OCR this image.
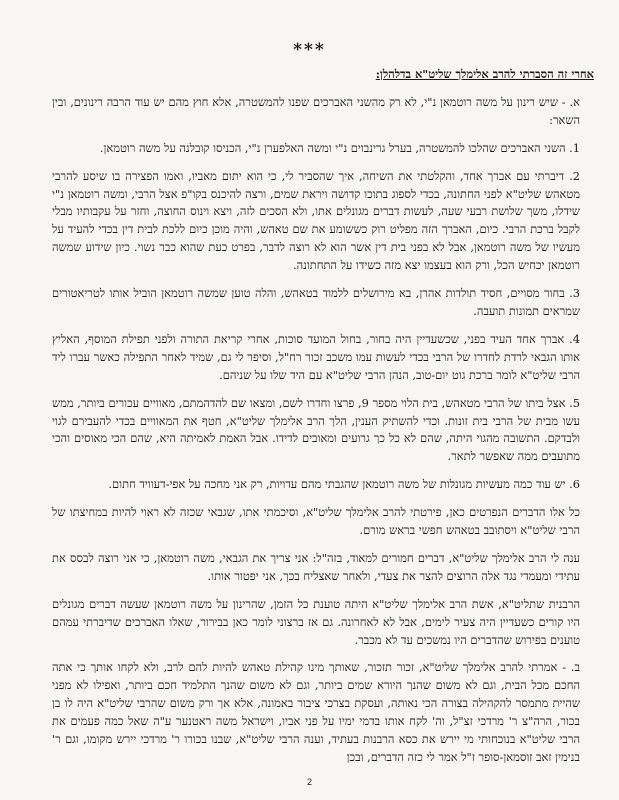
***
אחרי זה הסברתי להרב אלימלך שליט"א בדלהלן:

א. - שיש רינון על משה רוטמאן נ"י, לא רק מהשני האברכים שפנו להמשטרה, אלא חוץ מהם יש עוד הרבה רינונים, ובין השאר:

1. השני האברכים שהלכו להמשטרה, בערל גרינבוים נ"י ומשה האלפערן נ"י, הכניסו קובלנה על משה רוטמאן.

2. דיברתי עם אברך אחד, והקלטתי את השיחה, איך שהסביר לי, כי הוא יתום מאביו, ואמו הפצירה בו שיסע להרבי מטאהש שליט"א לפני החתונה, בכדי לספוג בתוכו קדושה ויראת שמים, ורצה להיכנס בקו"פ אצל הרבי, ומשה רוטמאן נ"י שידלו, משך שלושת רבעי שעה, לעשות דברים מגונלים אתו, ולא הסכים לזה, ויצא וינוס החוצה, וחזר על עקבותיו מבלי לקבל ברכת הרבי. כיום, האברך הזה מפליט רוק כששומע את שם טאהש, והיה מוכן כיום ללכת לבית דין בכדי להעיד על מעשיו של משה רוטמאן, אבל לא בפני בית דין אשר הוא לא רוצה לדבר, בפרט כעת שהוא כבר נשוי. כיון שידוע שמשה רוטמאן יכחיש הכל, ורק הוא בעצמו יצא מזה כשידו על התחתונה.

3. בחור מסויים, חסיד תולדות אהרן, בא מירושלים ללמוד בטאהש, והלה טוען שמשה רוטמאן הוביל אותו לטריאטורים שמראים תמונות תועבה.

4. אברך אחד העיד בפני, שכשעדיין היה בחור, בחול המועד סוכות, אחרי קריאת התורה ולפני תפילת המוסף, האליץ אותו הגבאי לרדת לחדרו של הרבי בכדי לעשות עמו משכב זכור רח"ל, וסיפר לי גם, שמיד לאחר התפילה כאשר עברו ליד הרבי שליט"א לומר ברכת גוט יום-טוב, הנהן הרבי שליט"א עם היד שלו על שניהם.

5. אצל ביתו של הרבי מטאהש, בית הלוי מספר 9, פרצו וחדרו לשם, ומצאו שם להדהמתם, מאוויים עכורים ביותר, ממש עשו מבית של הרבי בית זונות. וכדי להשתיק הענין, הלך הרב אלימלך שליט"א, חטף את המאוויים בכדי להעבירם לגוי ולבדקם. התשובה מהגוי היתה, שהם לא כל כך גרועים ומאובים לדידו. אבל האמת לאמיתה היא, שהם הכי מאוסים והכי מתועבים ממה שאפשר לתאר.

6. יש עוד כמה מעשיות מגונלות של משה רוטמאן שהגבתי מהם עדויות, רק אני מחכה על אפי-דעוויד חתום.

כל אלו הדברים הנפרטים כאן, פירטתי להרב אלימלך שליט"א, וסיכמתי אתו, שגבאי שכזה לא ראוי להיות במחיצתו של הרבי שליט"א ויסתובב בטאהש חפשי בראש מורם.

ענה לי הרב אלימלך שליט"א, דברים חמורים למאוד, בזה"ל: אני צריך את הגבאי, משה רוטמאן, כי אני רוצה לבסס את עתידי ומעמדי נגד אלה הרוצים להצר את צעדי, ולאחר שאצליח בכך, אני יפטור אותו.

הרבנית שתליט"א, אשת הרב אלימלך שליט"א היתה טוענת כל הזמן, שהרינון על משה רוטמאן שעשה דברים מגונלים היו קורים כשעדיין היה צעיר לימים, אבל לא לאחרונה. גם אז ברצוני לומר כאן בבירור, שאלו האברכים שדיברתי עמהם טוענים בפירוש שהדברים היו נמשכים עד לא מכבר.

ב. - אמרתי להרב אלימלך שליט"א, זכור תזכור, שאותך מינו קהילת טאהש להיות להם לרב, ולא לקחו אותך כי אתה החכם מכל הבית, וגם לא משום שהנך היורא שמים ביותר, וגם לא משום שהנך התלמיד חכם ביותר, ואפילו לא מפני שהיית מתמסר להקהילה בצורה הכי נאותה, ועסקת בצרכי ציבור באמונה, אלא אך ורק משום שהרבי שליט"א היה לו בן בכור, הרה"צ ר' מרדכי זצ"ל, וה' לקח אותו בדמי ימיו על פני אביו, וישראל משה ראטנער ע"ה שאל כמה פעמים את הרבי שליט"א בנוכחותי מי יירש את כסא הרבנות בעתיד, וענה הרבי שליט"א, שבנו בכורו ר' מרדכי יירש מקומו, וגם ר' בנימין זאב זוסמאן-סופר ז"ל אמר לי כזה הדברים, ובכן

2
